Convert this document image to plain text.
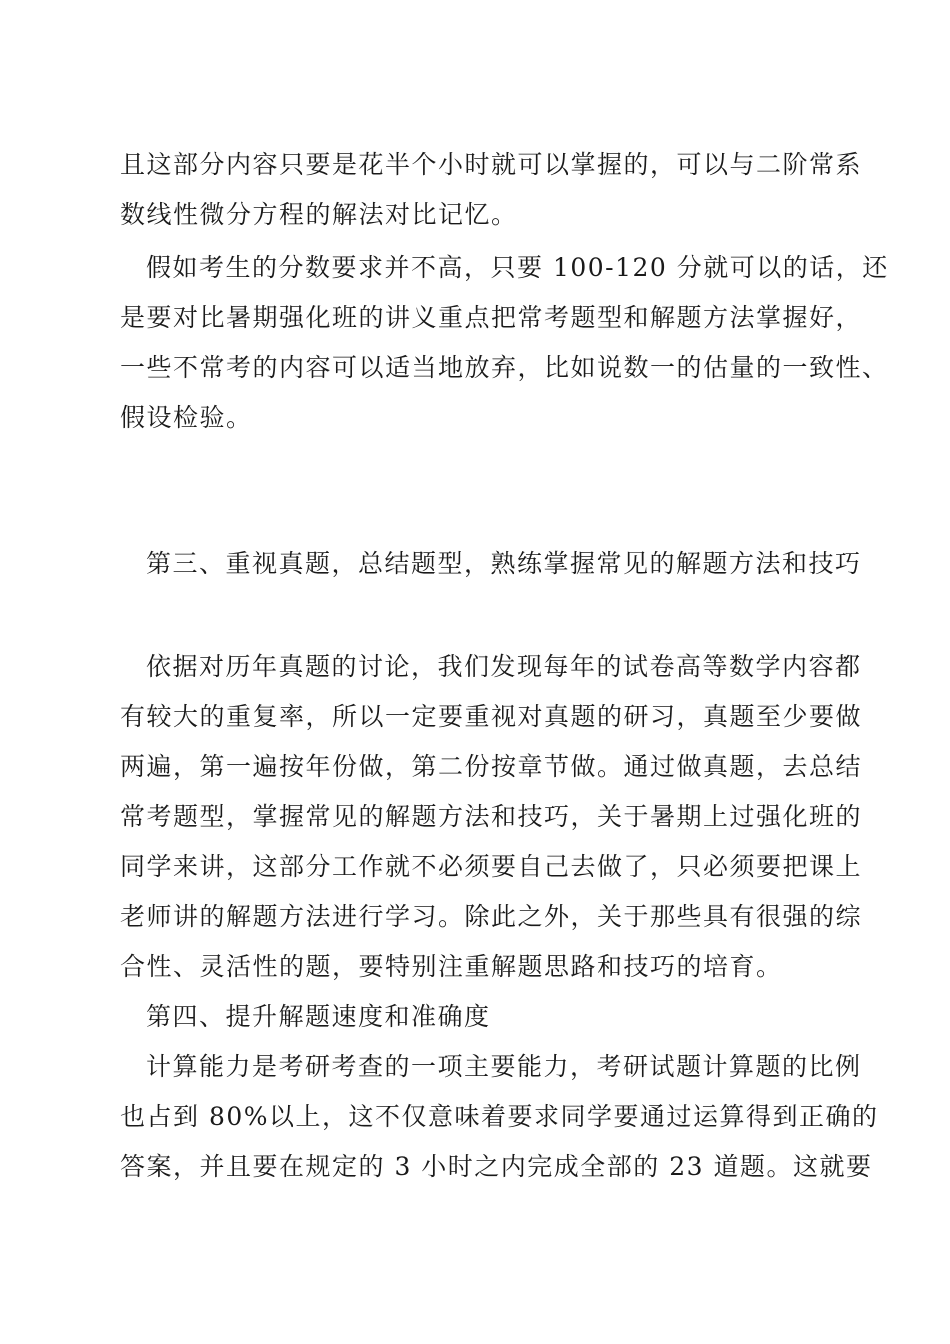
且这部分内容只要是花半个小时就可以掌握的，可以与二阶常系
数线性微分方程的解法对比记忆。
假如考生的分数要求并不高，只要 100-120 分就可以的话，还
是要对比暑期强化班的讲义重点把常考题型和解题方法掌握好，
一些不常考的内容可以适当地放弃，比如说数一的估量的一致性、
假设检验。
第三、重视真题，总结题型，熟练掌握常见的解题方法和技巧
依据对历年真题的讨论，我们发现每年的试卷高等数学内容都
有较大的重复率，所以一定要重视对真题的研习，真题至少要做
两遍，第一遍按年份做，第二份按章节做。通过做真题，去总结
常考题型，掌握常见的解题方法和技巧，关于暑期上过强化班的
同学来讲，这部分工作就不必须要自己去做了，只必须要把课上
老师讲的解题方法进行学习。除此之外，关于那些具有很强的综
合性、灵活性的题，要特别注重解题思路和技巧的培育。
第四、提升解题速度和准确度
计算能力是考研考查的一项主要能力，考研试题计算题的比例
也占到 80%以上，这不仅意味着要求同学要通过运算得到正确的
答案，并且要在规定的 3 小时之内完成全部的 23 道题。这就要
